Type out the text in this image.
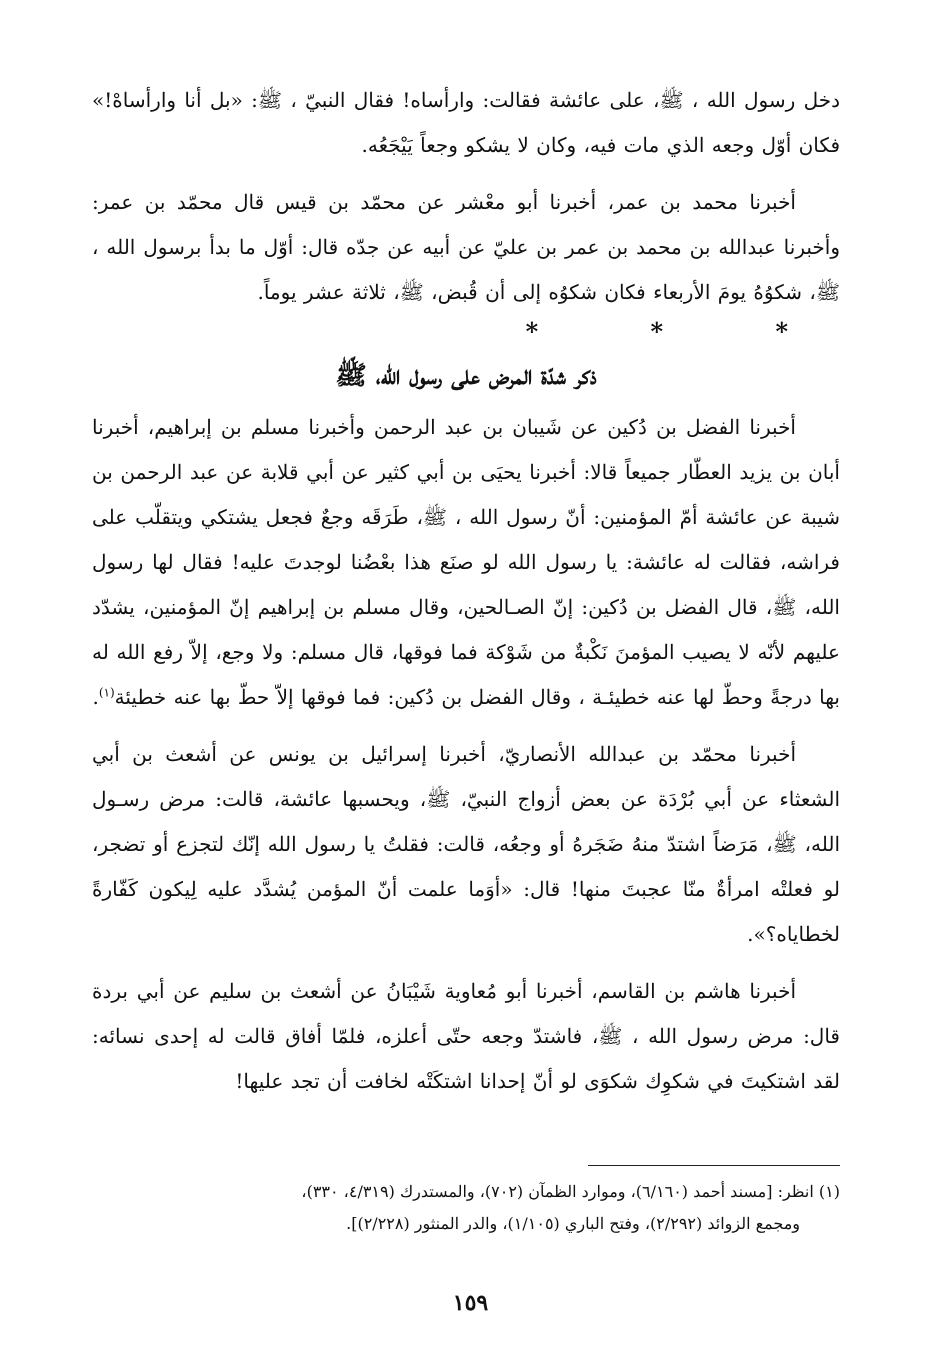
دخل رسول الله ، ﷺ، على عائشة فقالت: وارأساه! فقال النبيّ ، ﷺ: «بل أنا وارأساهْ!» فكان أوّل وجعه الذي مات فيه، وكان لا يشكو وجعاً يَيْجَعُه.

أخبرنا محمد بن عمر، أخبرنا أبو معْشر عن محمّد بن قيس قال محمّد بن عمر: وأخبرنا عبدالله بن محمد بن عمر بن عليّ عن أبيه عن جدّه قال: أوّل ما بدأ برسول الله ، ﷺ، شكوُهُ يومَ الأربعاء فكان شكوُه إلى أن قُبض، ﷺ، ثلاثة عشر يوماً.

* * *
ذكر شدّة المرض على رسول الله، ﷺ

أخبرنا الفضل بن دُكين عن شَيبان بن عبد الرحمن وأخبرنا مسلم بن إبراهيم، أخبرنا أبان بن يزيد العطّار جميعاً قالا: أخبرنا يحيَى بن أبي كثير عن أبي قلابة عن عبد الرحمن بن شيبة عن عائشة أمّ المؤمنين: أنّ رسول الله ، ﷺ، طَرَقَه وجعٌ فجعل يشتكي ويتقلّب على فراشه، فقالت له عائشة: يا رسول الله لو صنَع هذا بعْضُنا لوجدتَ عليه! فقال لها رسول الله، ﷺ، قال الفضل بن دُكين: إنّ الصـالحين، وقال مسلم بن إبراهيم إنّ المؤمنين، يشدّد عليهم لأنّه لا يصيب المؤمنَ نَكْبةٌ من شَوْكة فما فوقها، قال مسلم: ولا وجع، إلاّ رفع الله له بها درجةً وحطّ لها عنه خطيئـة ، وقال الفضل بن دُكين: فما فوقها إلاّ حطّ بها عنه خطيئة$^{(١)}$.

أخبرنا محمّد بن عبدالله الأنصاريّ، أخبرنا إسرائيل بن يونس عن أشعث بن أبي الشعثاء عن أبي بُرْدَة عن بعض أزواج النبيّ، ﷺ، ويحسبها عائشة، قالت: مرض رسـول الله، ﷺ، مَرَضاً اشتدّ منهُ ضَجَرهُ أو وجعُه، قالت: فقلتُ يا رسول الله إنّك لتجزع أو تضجر، لو فعلتْه امرأةٌ منّا عجبتَ منها! قال: «أوَما علمت أنّ المؤمن يُشدَّد عليه لِيكون كَفّارةً لخطاياه؟».

أخبرنا هاشم بن القاسم، أخبرنا أبو مُعاوية شَيْبَانُ عن أشعث بن سليم عن أبي بردة قال: مرض رسول الله ، ﷺ، فاشتدّ وجعه حتّى أعلزه، فلمّا أفاق قالت له إحدى نسائه: لقد اشتكيتَ في شكوِك شكوَى لو أنّ إحدانا اشتكَتْه لخافت أن تجد عليها!

(١) انظر: [مسند أحمد (٦/١٦٠)، وموارد الظمآن (٧٠٢)، والمستدرك (٤/٣١٩، ٣٣٠)،

ومجمع الزوائد (٢/٢٩٢)، وفتح الباري (١/١٠٥)، والدر المنثور (٢/٢٢٨)].

١٥٩
